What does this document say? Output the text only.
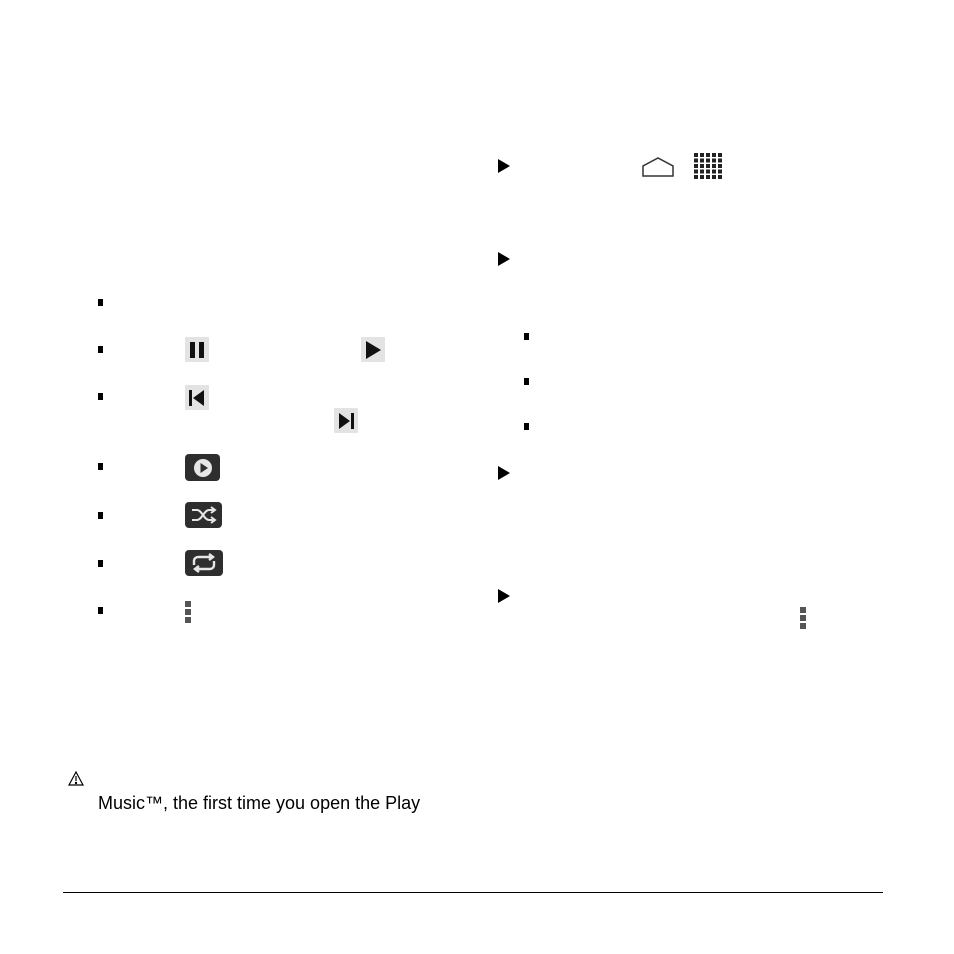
Music™, the first time you open the Play
